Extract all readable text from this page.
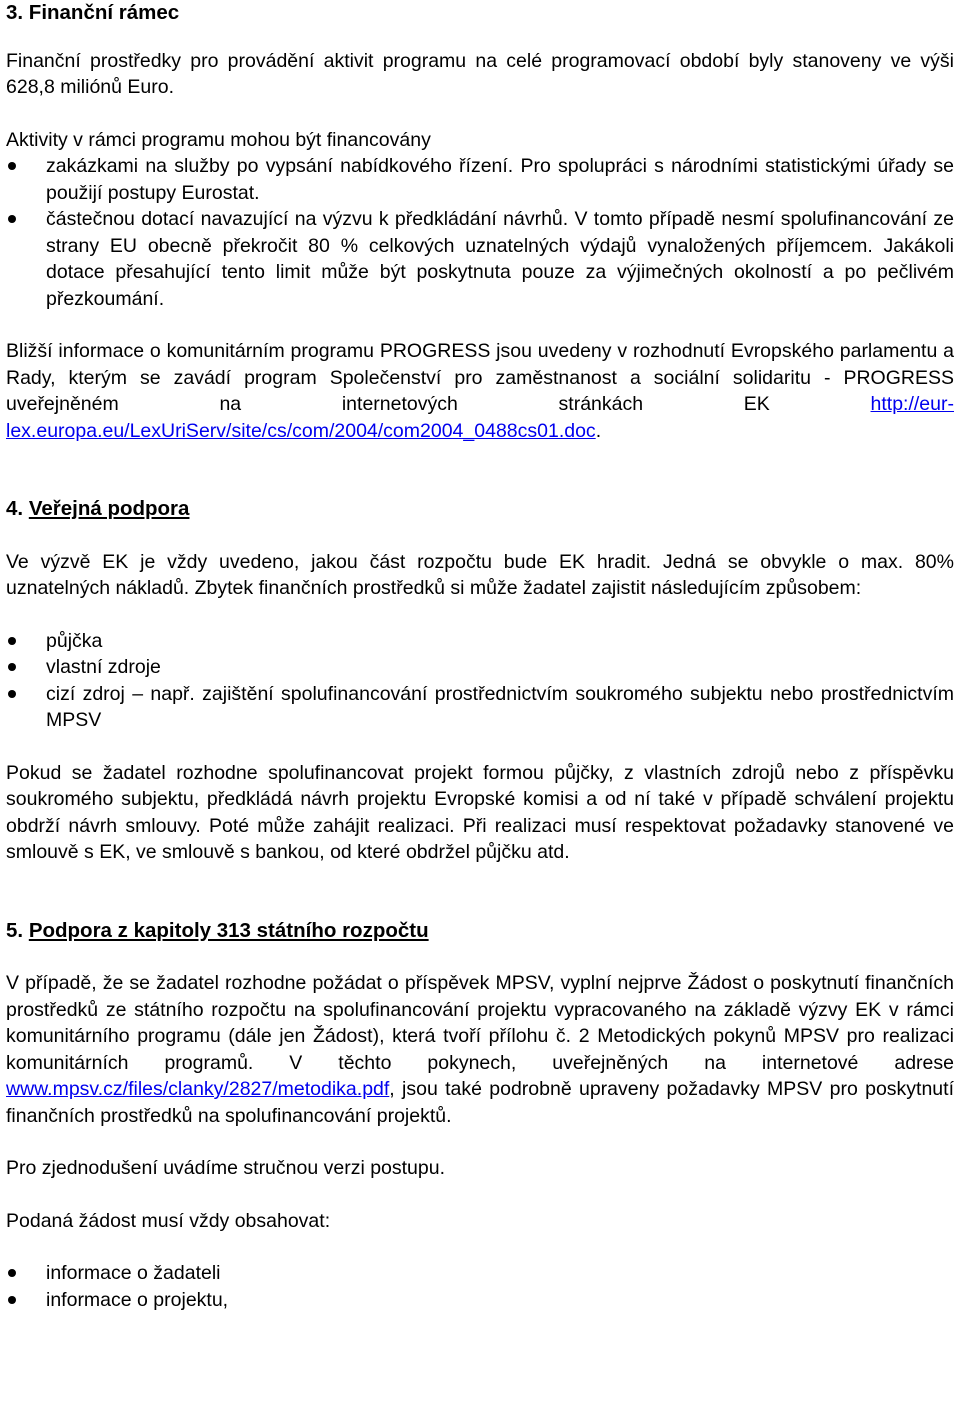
3. Finanční rámec

Finanční prostředky pro provádění aktivit programu na celé programovací období byly stanoveny ve výši 628,8 miliónů Euro.

Aktivity v rámci programu mohou být financovány

zakázkami na služby po vypsání nabídkového řízení. Pro spolupráci s národními statistickými úřady se použijí postupy Eurostat.
částečnou dotací navazující na výzvu k předkládání návrhů. V tomto případě nesmí spolufinancování ze strany EU obecně překročit 80 % celkových uznatelných výdajů vynaložených příjemcem. Jakákoli dotace přesahující tento limit může být poskytnuta pouze za výjimečných okolností a po pečlivém přezkoumání.

Bližší informace o komunitárním programu PROGRESS jsou uvedeny v rozhodnutí Evropského parlamentu a Rady, kterým se zavádí program Společenství pro zaměstnanost a sociální solidaritu - PROGRESS uveřejněném na internetových stránkách EK	http://eur-lex.europa.eu/LexUriServ/site/cs/com/2004/com2004_0488cs01.doc.

4. Veřejná podpora

Ve výzvě EK je vždy uvedeno, jakou část rozpočtu bude EK hradit. Jedná se obvykle o max. 80% uznatelných nákladů. Zbytek finančních prostředků si může žadatel zajistit následujícím způsobem:

půjčka
vlastní zdroje
cizí zdroj – např. zajištění spolufinancování prostřednictvím soukromého subjektu nebo prostřednictvím MPSV

Pokud se žadatel rozhodne spolufinancovat projekt formou půjčky, z vlastních zdrojů nebo z příspěvku soukromého subjektu, předkládá návrh projektu Evropské komisi a od ní také v případě schválení projektu obdrží návrh smlouvy. Poté může zahájit realizaci. Při realizaci musí respektovat požadavky stanovené ve smlouvě s EK, ve smlouvě s bankou, od které obdržel půjčku atd.

5. Podpora z kapitoly 313 státního rozpočtu

V případě, že se žadatel rozhodne požádat o příspěvek MPSV, vyplní nejprve Žádost o poskytnutí finančních prostředků ze státního rozpočtu na spolufinancování projektu vypracovaného na základě výzvy EK v rámci komunitárního programu (dále jen Žádost), která tvoří přílohu č. 2 Metodických pokynů MPSV pro realizaci komunitárních programů. V těchto pokynech, uveřejněných na internetové adrese www.mpsv.cz/files/clanky/2827/metodika.pdf, jsou také podrobně upraveny požadavky MPSV pro poskytnutí finančních prostředků na spolufinancování projektů.

Pro zjednodušení uvádíme stručnou verzi postupu.

Podaná žádost musí vždy obsahovat:

informace o žadateli
informace o projektu,
